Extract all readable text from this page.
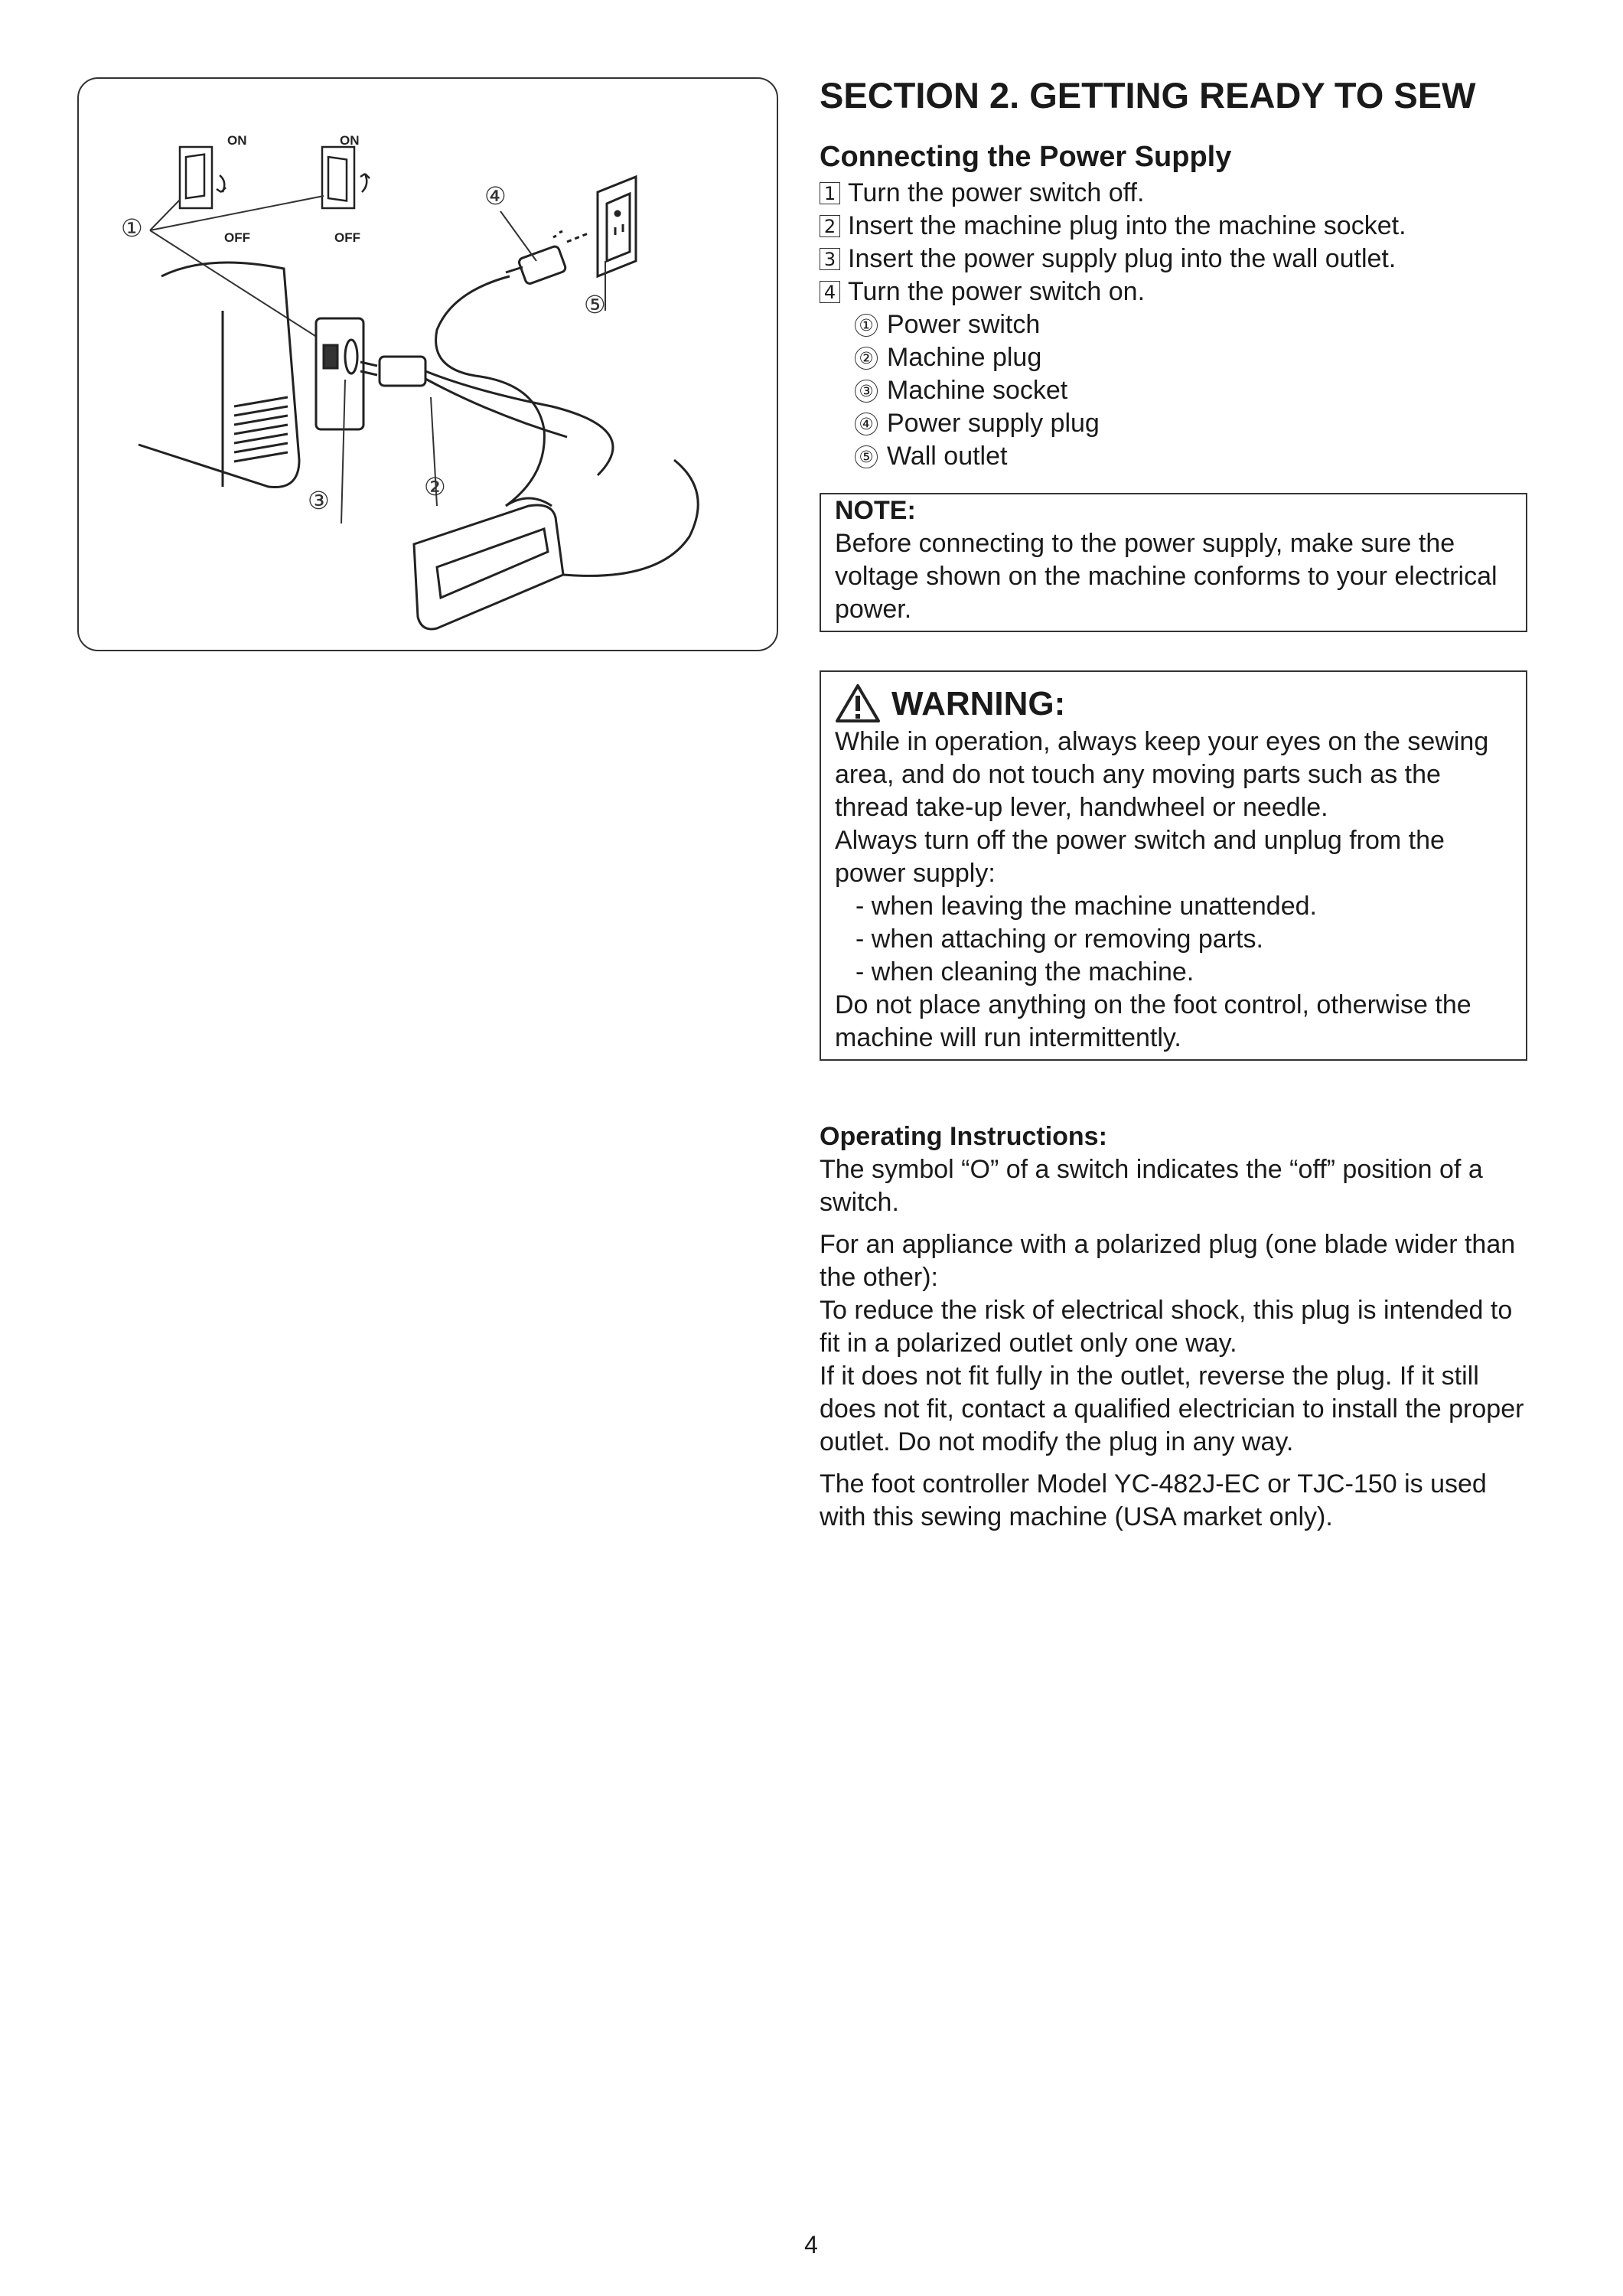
ON
OFF
ON
OFF
①
②
③
④
⑤
SECTION 2. GETTING READY TO SEW
Connecting the Power Supply
1 Turn the power switch off.
2 Insert the machine plug into the machine socket.
3 Insert the power supply plug into the wall outlet.
4 Turn the power switch on.
① Power switch
② Machine plug
③ Machine socket
④ Power supply plug
⑤ Wall outlet
NOTE:
Before connecting to the power supply, make sure the voltage shown on the machine conforms to your electrical power.
WARNING:
While in operation, always keep your eyes on the sewing area, and do not touch any moving parts such as the thread take-up lever, handwheel or needle.
Always turn off the power switch and unplug from the power supply:
- when leaving the machine unattended.
- when attaching or removing parts.
- when cleaning the machine.
Do not place anything on the foot control, otherwise the machine will run intermittently.
Operating Instructions:

The symbol “O” of a switch indicates the “off” position of a switch.

For an appliance with a polarized plug (one blade wider than the other):

To reduce the risk of electrical shock, this plug is intended to fit in a polarized outlet only one way.

If it does not fit fully in the outlet, reverse the plug. If it still does not fit, contact a qualified electrician to install the proper outlet. Do not modify the plug in any way.

The foot controller Model YC-482J-EC or TJC-150 is used with this sewing machine (USA market only).

4
